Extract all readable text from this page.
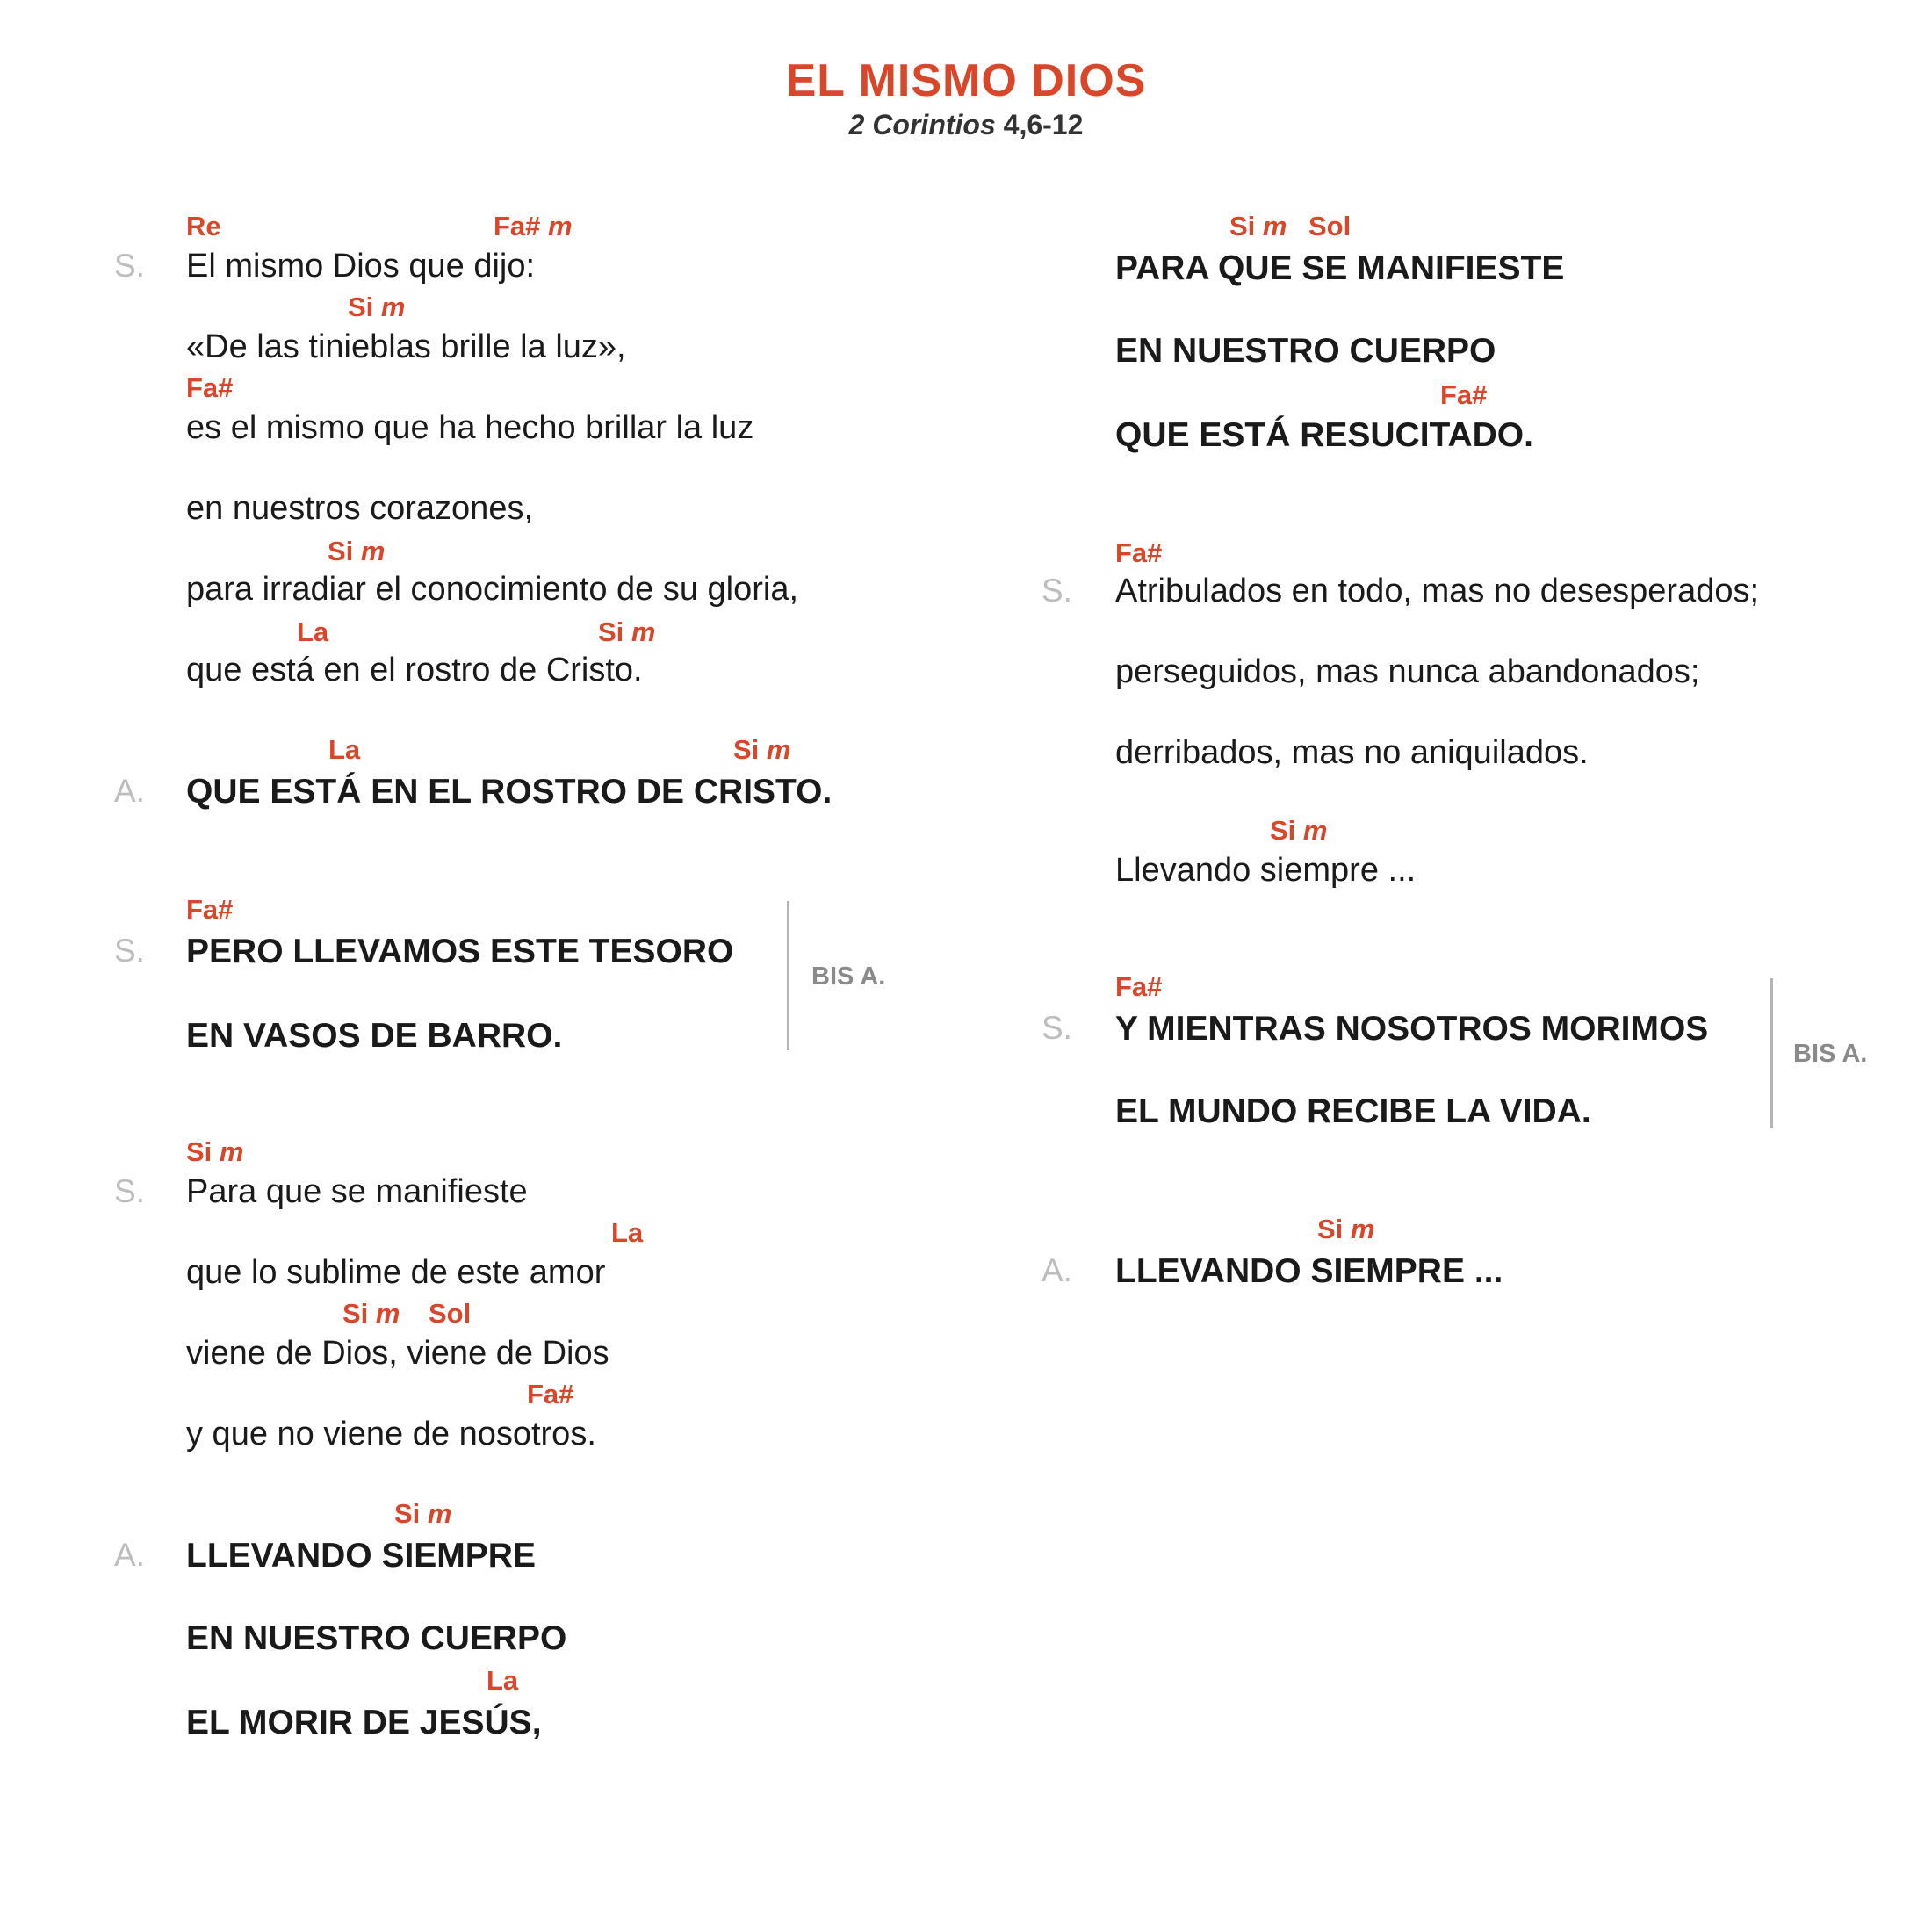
EL MISMO DIOS
2 Corintios 4,6-12
Re	Fa# m
S. El mismo Dios que dijo:
Si m
«De las tinieblas brille la luz»,
Fa#
es el mismo que ha hecho brillar la luz
en nuestros corazones,
Si m
para irradiar el conocimiento de su gloria,
La	Si m
que está en el rostro de Cristo.
La	Si m
A. QUE ESTÁ EN EL ROSTRO DE CRISTO.
Fa#
S. PERO LLEVAMOS ESTE TESORO
EN VASOS DE BARRO.
BIS A.
Si m
S. Para que se manifieste
La
que lo sublime de este amor
Si m Sol
viene de Dios, viene de Dios
Fa#
y que no viene de nosotros.
Si m
A. LLEVANDO SIEMPRE
EN NUESTRO CUERPO
La
EL MORIR DE JESÚS,
Si m Sol
PARA QUE SE MANIFIESTE
EN NUESTRO CUERPO
Fa#
QUE ESTÁ RESUCITADO.
Fa#
S. Atribulados en todo, mas no desesperados;
perseguidos, mas nunca abandonados;
derribados, mas no aniquilados.
Si m
Llevando siempre ...
Fa#
S. Y MIENTRAS NOSOTROS MORIMOS
EL MUNDO RECIBE LA VIDA.
BIS A.
Si m
A. LLEVANDO SIEMPRE ...
